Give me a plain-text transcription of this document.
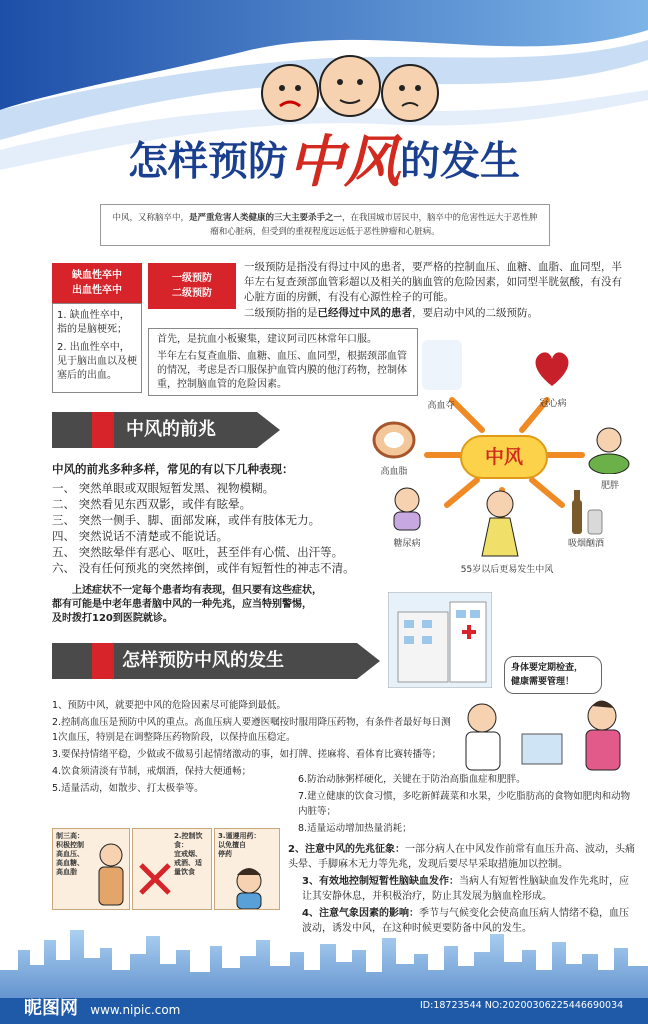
怎样预防中风的发生
中风，又称脑卒中，是严重危害人类健康的三大主要杀手之一，在我国城市居民中，脑卒中的危害性远大于恶性肿瘤和心脏病，但受到的重视程度远远低于恶性肿瘤和心脏病。
缺血性卒中
出血性卒中
1. 缺血性卒中，指的是脑梗死；
2. 出血性卒中，见于脑出血以及梗塞后的出血。
一级预防
二级预防
一级预防是指没有得过中风的患者，要严格的控制血压、血糖、血脂、血同型，半年左右复查颈部血管彩超以及相关的脑血管的危险因素，如同型半胱氨酸，有没有心脏方面的房颤，有没有心源性栓子的可能。
二级预防指的是已经得过中风的患者，要启动中风的二级预防。
首先，是抗血小板聚集，建议阿司匹林常年口服。
半年左右复查血脂、血糖、血压、血同型，根据颈部血管的情况，考虑是否口服保护血管内膜的他汀药物，控制体重，控制脑血管的危险因素。
中风
高血夺	冠心病
高血脂
肥胖
糖尿病	吸烟酗酒
55岁以后更易发生中风
中风的前兆
中风的前兆多种多样，常见的有以下几种表现：
一、 突然单眼或双眼短暂发黑、视物模糊。
二、 突然看见东西双影，或伴有眩晕。
三、 突然一侧手、脚、面部发麻，或伴有肢体无力。
四、 突然说话不清楚或不能说话。
五、 突然眩晕伴有恶心、呕吐，甚至伴有心慌、出汗等。
六、 没有任何预兆的突然摔倒，或伴有短暂性的神志不清。
上述症状不一定每个患者均有表现，但只要有这些症状，
都有可能是中老年患者脑中风的一种先兆，应当特别警惕，
及时拨打120到医院就诊。
怎样预防中风的发生	身体要定期检查，
健康需要管理！
1、预防中风，就要把中风的危险因素尽可能降到最低。
2.控制高血压是预防中风的重点。高血压病人要遵医嘱按时服用降压药物，有条件者最好每日测1次血压，特别是在调整降压药物阶段，以保持血压稳定。
3.要保持情绪平稳，少做或不做易引起情绪激动的事，如打牌、搓麻将、看体育比赛转播等；
4.饮食须清淡有节制，戒烟酒，保持大便通畅；
5.适量活动，如散步、打太极拳等。
6.防治动脉粥样硬化，关键在于防治高脂血症和肥胖。
7.建立健康的饮食习惯，多吃新鲜蔬菜和水果，少吃脂肪高的食物如肥肉和动物内脏等；
8.适量运动增加热量消耗；
制三高：
积极控制
高血压、
高血糖、
高血脂
2.控制饮食：
宜戒烟、
戒酒、适
量饮食
3.谨遵用药：
以免擅自
停药	2、注意中风的先兆征象：一部分病人在中风发作前常有血压升高、波动，头痛头晕、手脚麻木无力等先兆，发现后要尽早采取措施加以控制。
3、有效地控制短暂性脑缺血发作：当病人有短暂性脑缺血发作先兆时，应让其安静休息，并积极治疗，防止其发展为脑血栓形成。
4、注意气象因素的影响：季节与气候变化会使高血压病人情绪不稳，血压波动，诱发中风，在这种时候更要防备中风的发生。
昵图网 www.nipic.com	ID:18723544 NO:20200306225446690034
